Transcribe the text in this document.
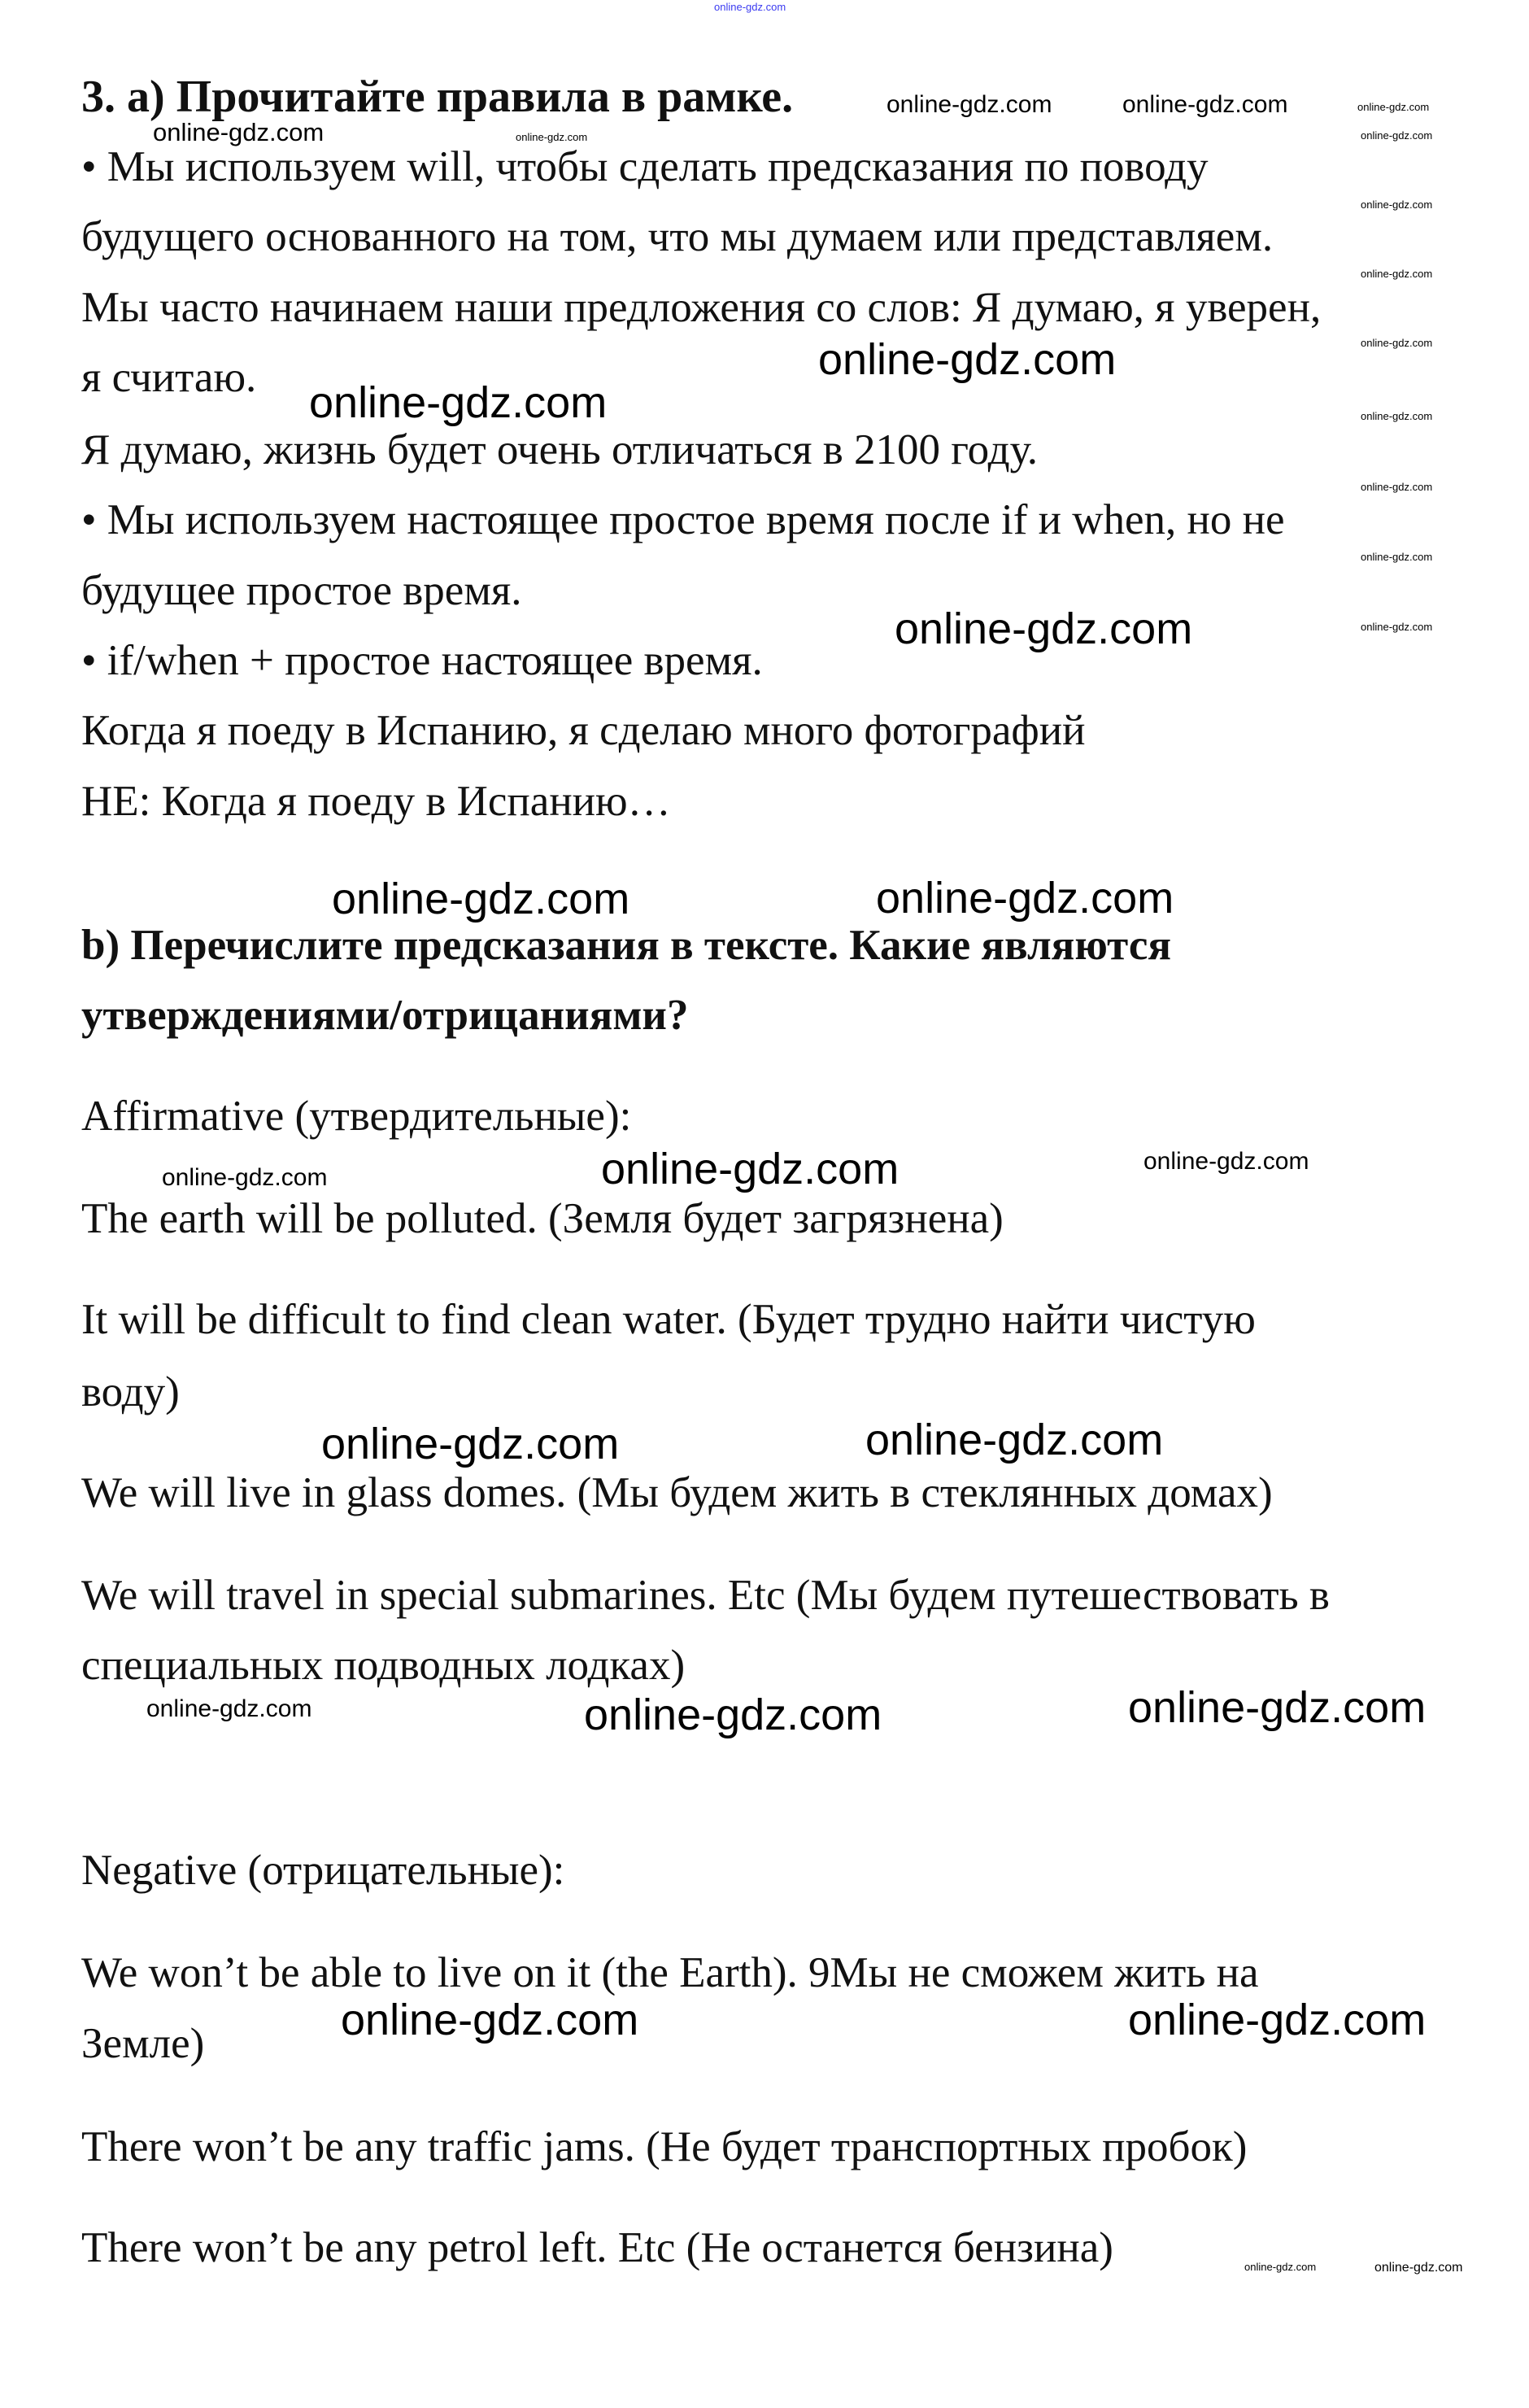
3. a) Прочитайте правила в рамке.
• Мы используем will, чтобы сделать предсказания по поводу
будущего основанного на том, что мы думаем или представляем.
Мы часто начинаем наши предложения со слов: Я думаю, я уверен,
я считаю.
Я думаю, жизнь будет очень отличаться в 2100 году.
• Мы используем настоящее простое время после if и when, но не
будущее простое время.
• if/when + простое настоящее время.
Когда я поеду в Испанию, я сделаю много фотографий
НЕ: Когда я поеду в Испанию…
b) Перечислите предсказания в тексте. Какие являются
утверждениями/отрицаниями?
Affirmative (утвердительные):
The earth will be polluted. (Земля будет загрязнена)
It will be difficult to find clean water. (Будет трудно найти чистую
воду)
We will live in glass domes. (Мы будем жить в стеклянных домах)
We will travel in special submarines. Etc (Мы будем путешествовать в
специальных подводных лодках)
Negative (отрицательные):
We won’t be able to live on it (the Earth). 9Мы не сможем жить на
Земле)
There won’t be any traffic jams. (Не будет транспортных пробок)
There won’t be any petrol left. Etc (Не останется бензина)
online-gdz.com
online-gdz.com
online-gdz.com
online-gdz.com
online-gdz.com	online-gdz.com
online-gdz.com
online-gdz.com	online-gdz.com
online-gdz.com	online-gdz.com
online-gdz.com	online-gdz.com
online-gdz.com	online-gdz.com
online-gdz.com
online-gdz.com
online-gdz.com
online-gdz.com
online-gdz.com
online-gdz.com	online-gdz.com
online-gdz.com
online-gdz.com
online-gdz.com
online-gdz.com
online-gdz.com
online-gdz.com
online-gdz.com
online-gdz.com	online-gdz.com
